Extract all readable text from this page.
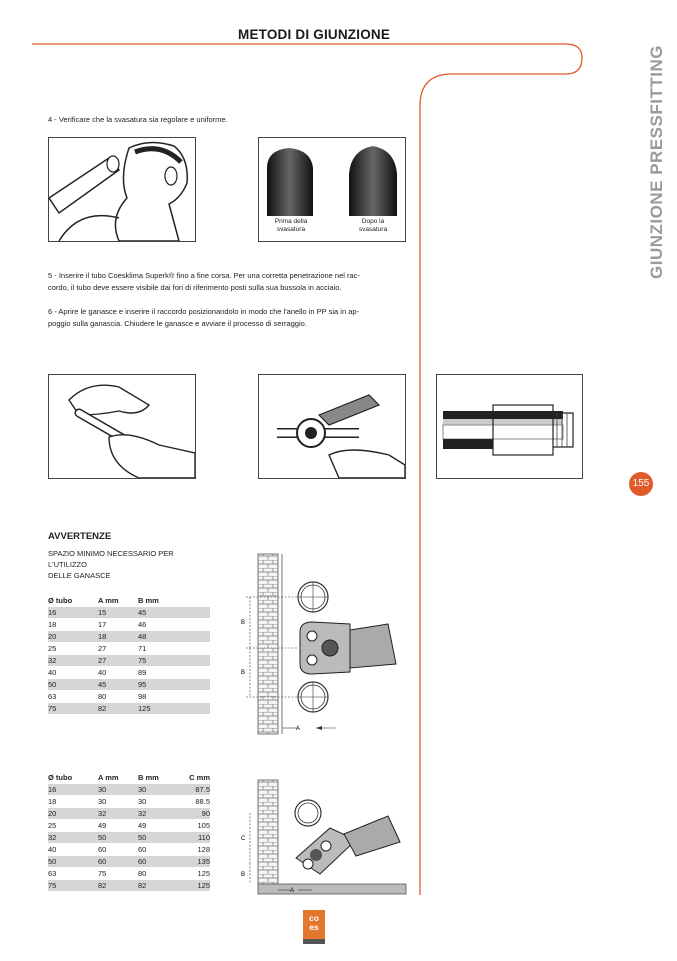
METODI DI GIUNZIONE
GIUNZIONE PRESSFITTING
155
4 - Verificare che la svasatura sia regolare e uniforme.
Prima della
svasatura
Dopo la
svasatura
5 - Inserire il tubo Coesklima Superk® fino a fine corsa. Per una corretta penetrazione nel rac-
cordo, il tubo deve essere visibile dai fori di riferimento posti sulla sua bussola in acciaio.
6 - Aprire le ganasce e inserire il raccordo posizionandolo in modo che l'anello in PP sia in ap-
poggio sulla ganascia. Chiudere le ganasce e avviare il processo di serraggio.
AVVERTENZE
SPAZIO MINIMO NECESSARIO PER
L'UTILIZZO
DELLE GANASCE
Ø tubo	A mm	B mm
16	15	45
18	17	46
20	18	48
25	27	71
32	27	75
40	40	89
50	45	95
63	80	98
75	82	125
Ø tubo	A mm	B mm	C mm
16	30	30	87.5
18	30	30	88.5
20	32	32	90
25	49	49	105
32	50	50	110
40	60	60	128
50	60	60	135
63	75	80	125
75	82	82	125
B
B
A
C
B
A
co
es
